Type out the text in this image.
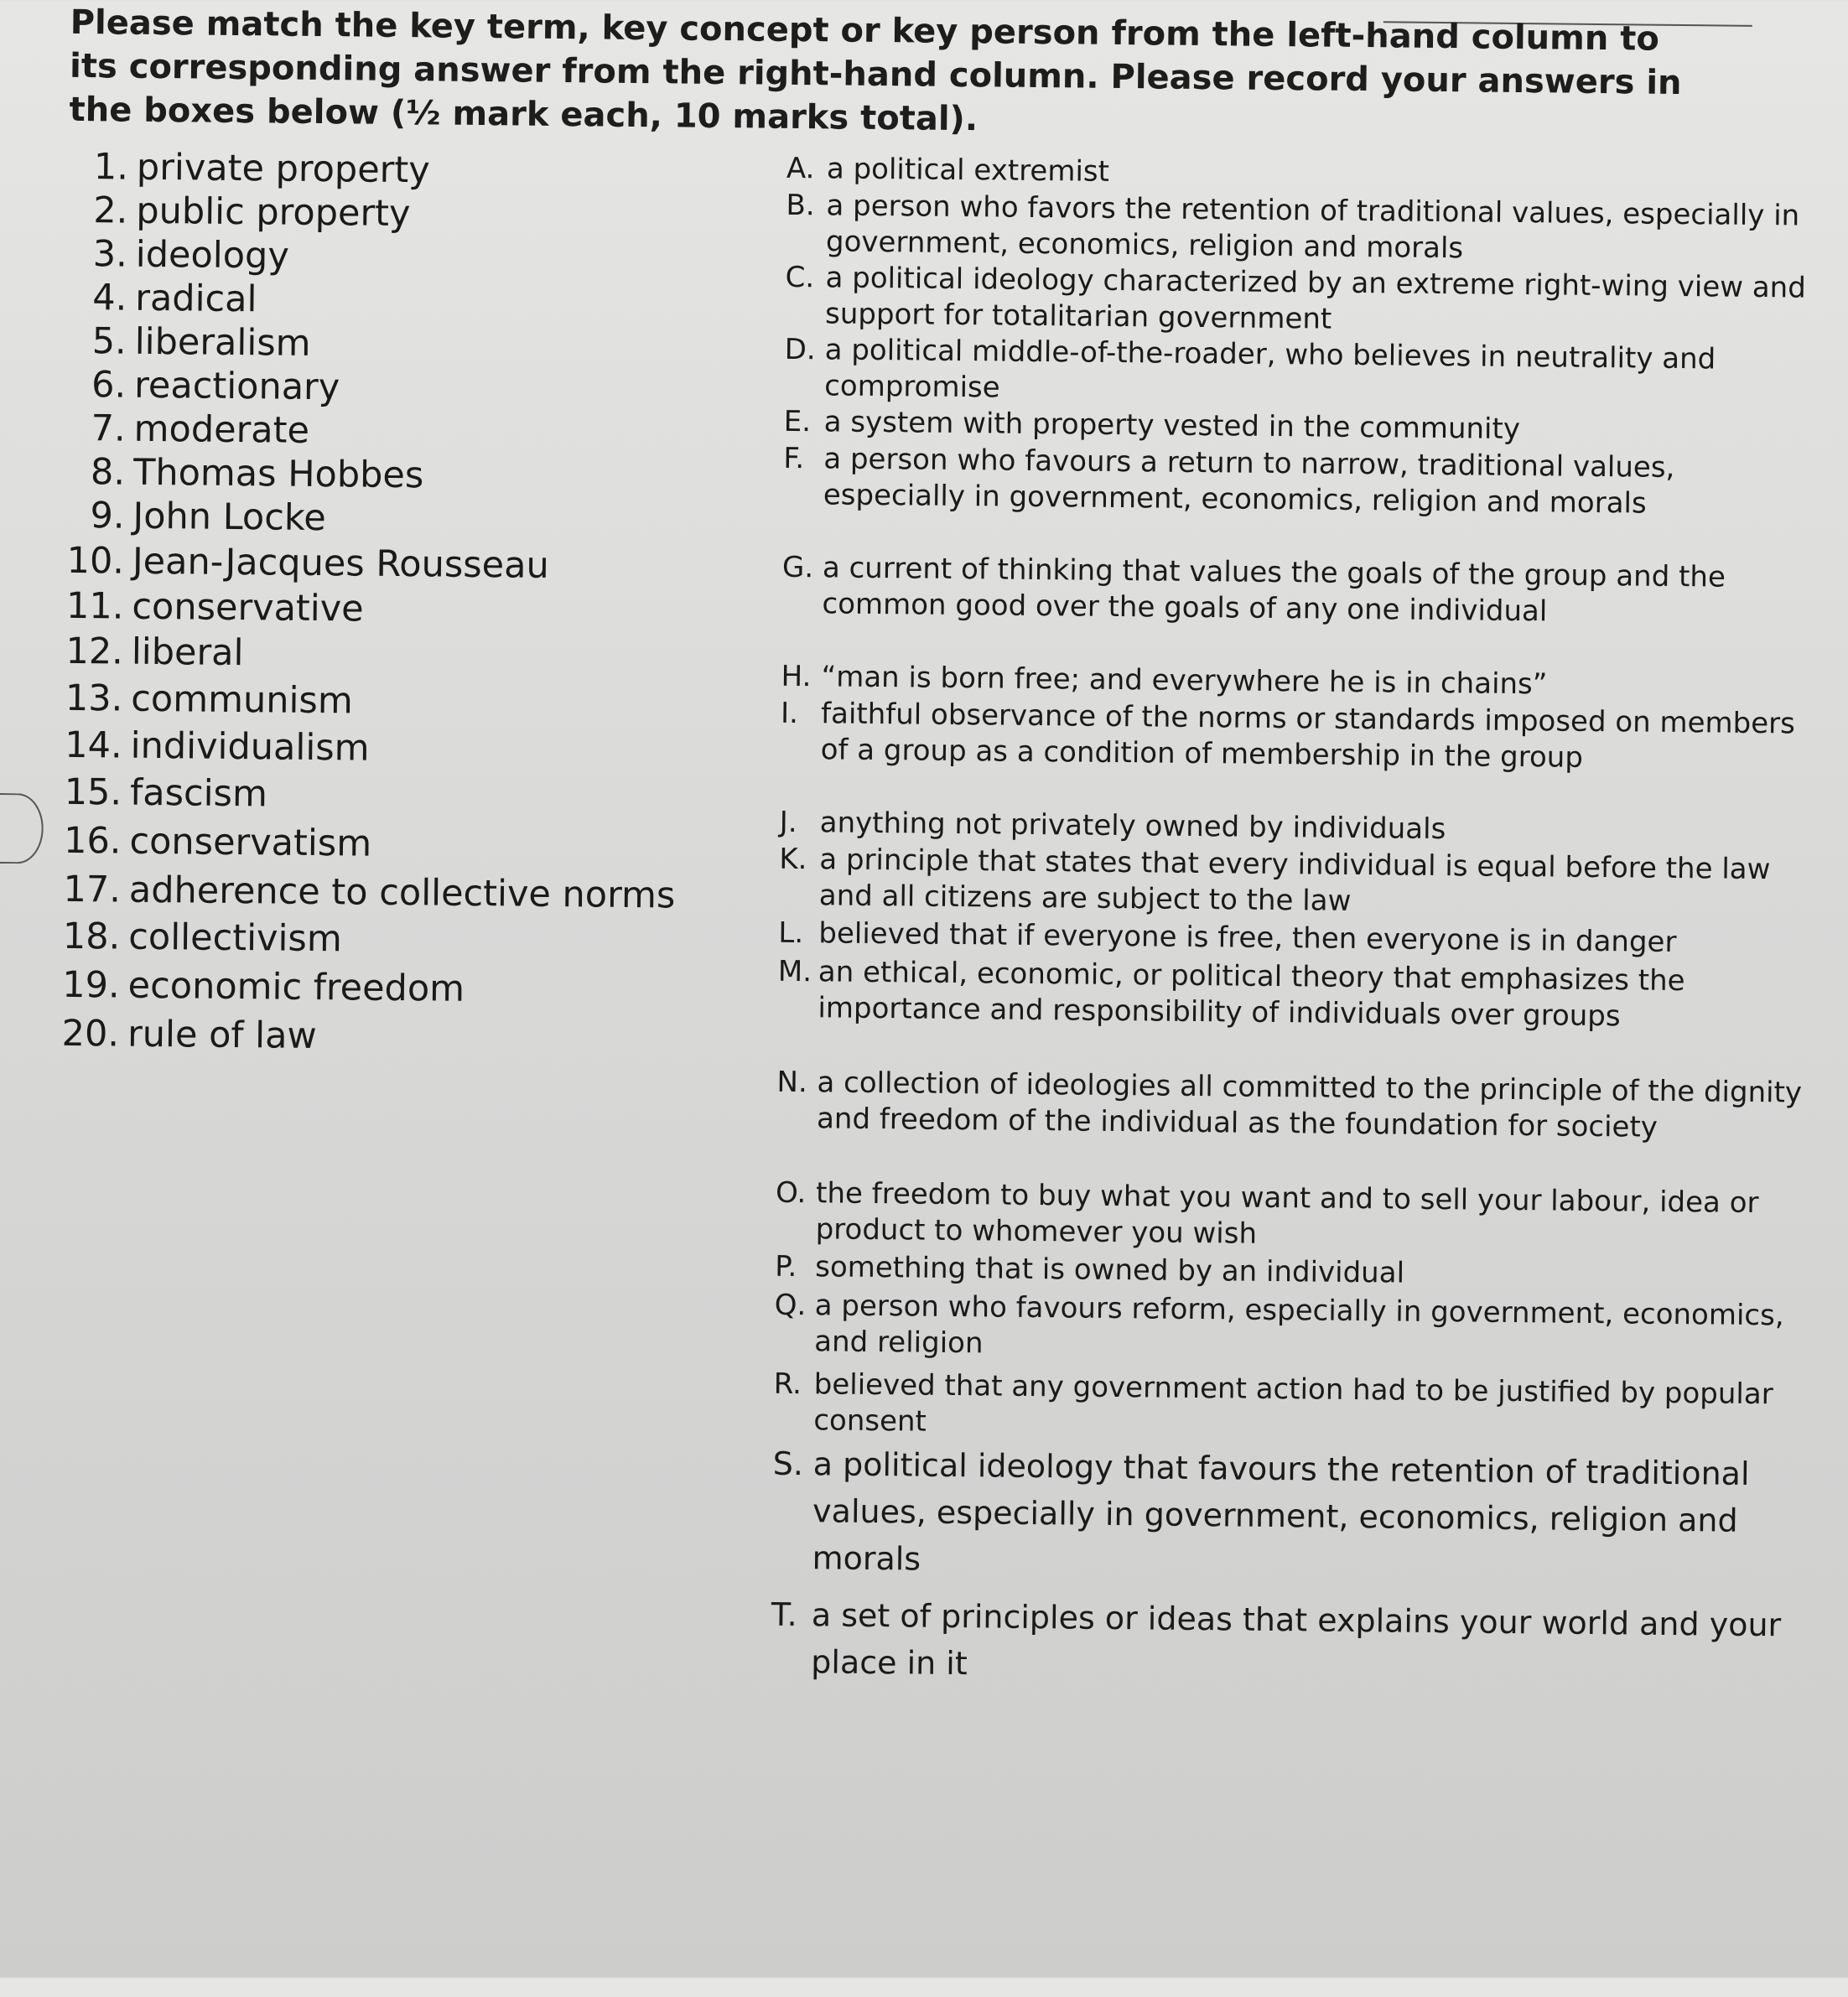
Please match the key term, key concept or key person from the left-hand column to its corresponding answer from the right-hand column. Please record your answers in the boxes below (½ mark each, 10 marks total).

1. private property
2. public property
3. ideology
4. radical
5. liberalism
6. reactionary
7. moderate
8. Thomas Hobbes
9. John Locke
10. Jean-Jacques Rousseau
11. conservative
12. liberal
13. communism
14. individualism
15. fascism
16. conservatism
17. adherence to collective norms
18. collectivism
19. economic freedom
20. rule of law
A. a political extremist
B. a person who favors the retention of traditional values, especially in government, economics, religion and morals
C. a political ideology characterized by an extreme right-wing view and support for totalitarian government
D. a political middle-of-the-roader, who believes in neutrality and compromise
E. a system with property vested in the community
F. a person who favours a return to narrow, traditional values, especially in government, economics, religion and morals
G. a current of thinking that values the goals of the group and the common good over the goals of any one individual
H. “man is born free; and everywhere he is in chains”
I. faithful observance of the norms or standards imposed on members of a group as a condition of membership in the group
J. anything not privately owned by individuals
K. a principle that states that every individual is equal before the law and all citizens are subject to the law
L. believed that if everyone is free, then everyone is in danger
M. an ethical, economic, or political theory that emphasizes the importance and responsibility of individuals over groups
N. a collection of ideologies all committed to the principle of the dignity and freedom of the individual as the foundation for society
O. the freedom to buy what you want and to sell your labour, idea or product to whomever you wish
P. something that is owned by an individual
Q. a person who favours reform, especially in government, economics, and religion
R. believed that any government action had to be justified by popular consent
S. a political ideology that favours the retention of traditional values, especially in government, economics, religion and morals
T. a set of principles or ideas that explains your world and your place in it
